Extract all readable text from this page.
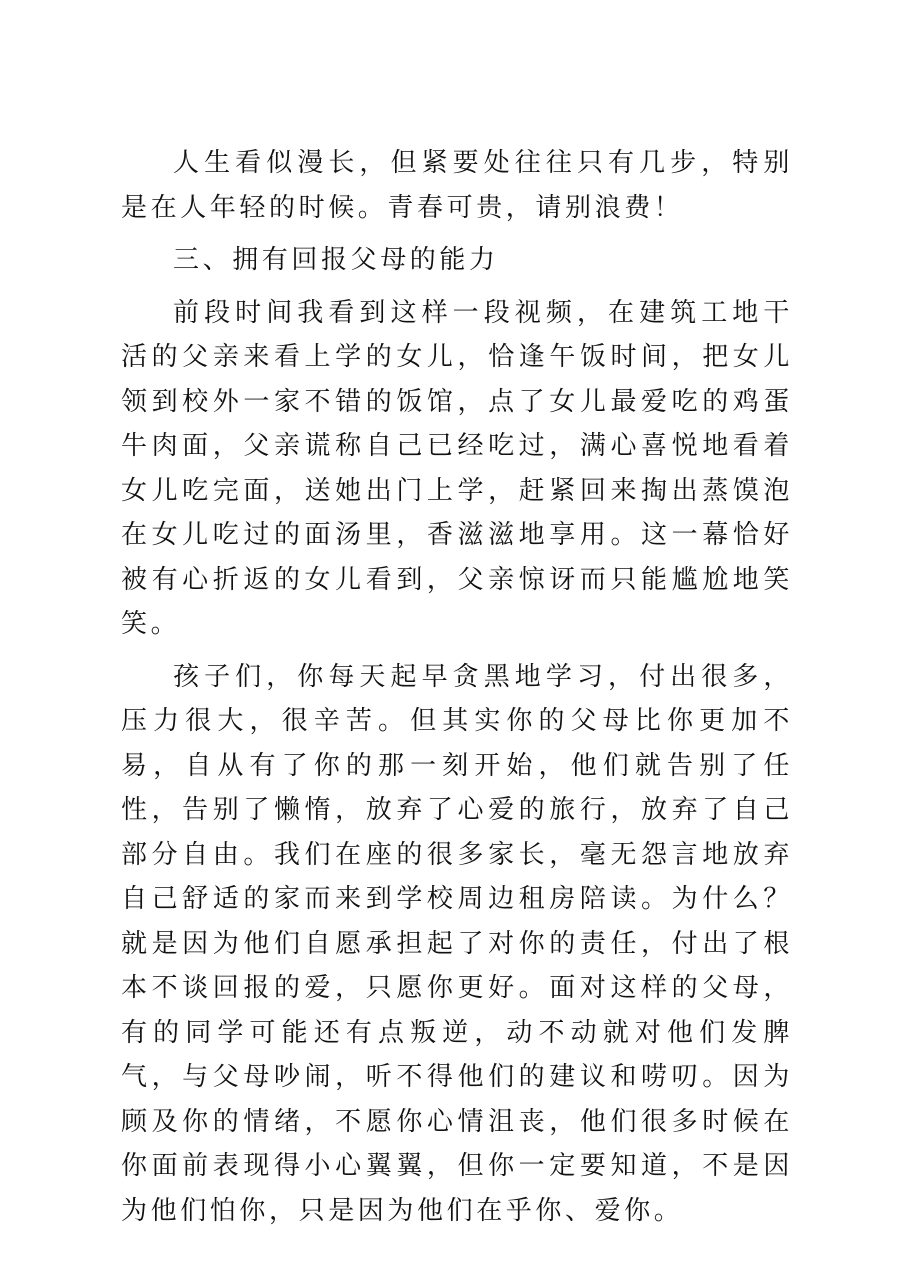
人生看似漫长，但紧要处往往只有几步，特别是在人年轻的时候。青春可贵，请别浪费！

三、拥有回报父母的能力

前段时间我看到这样一段视频，在建筑工地干活的父亲来看上学的女儿，恰逢午饭时间，把女儿领到校外一家不错的饭馆，点了女儿最爱吃的鸡蛋牛肉面，父亲谎称自己已经吃过，满心喜悦地看着女儿吃完面，送她出门上学，赶紧回来掏出蒸馍泡在女儿吃过的面汤里，香滋滋地享用。这一幕恰好被有心折返的女儿看到，父亲惊讶而只能尴尬地笑笑。

孩子们，你每天起早贪黑地学习，付出很多，压力很大，很辛苦。但其实你的父母比你更加不易，自从有了你的那一刻开始，他们就告别了任性，告别了懒惰，放弃了心爱的旅行，放弃了自己部分自由。我们在座的很多家长，毫无怨言地放弃自己舒适的家而来到学校周边租房陪读。为什么？就是因为他们自愿承担起了对你的责任，付出了根本不谈回报的爱，只愿你更好。面对这样的父母，有的同学可能还有点叛逆，动不动就对他们发脾气，与父母吵闹，听不得他们的建议和唠叨。因为顾及你的情绪，不愿你心情沮丧，他们很多时候在你面前表现得小心翼翼，但你一定要知道，不是因为他们怕你，只是因为他们在乎你、爱你。
